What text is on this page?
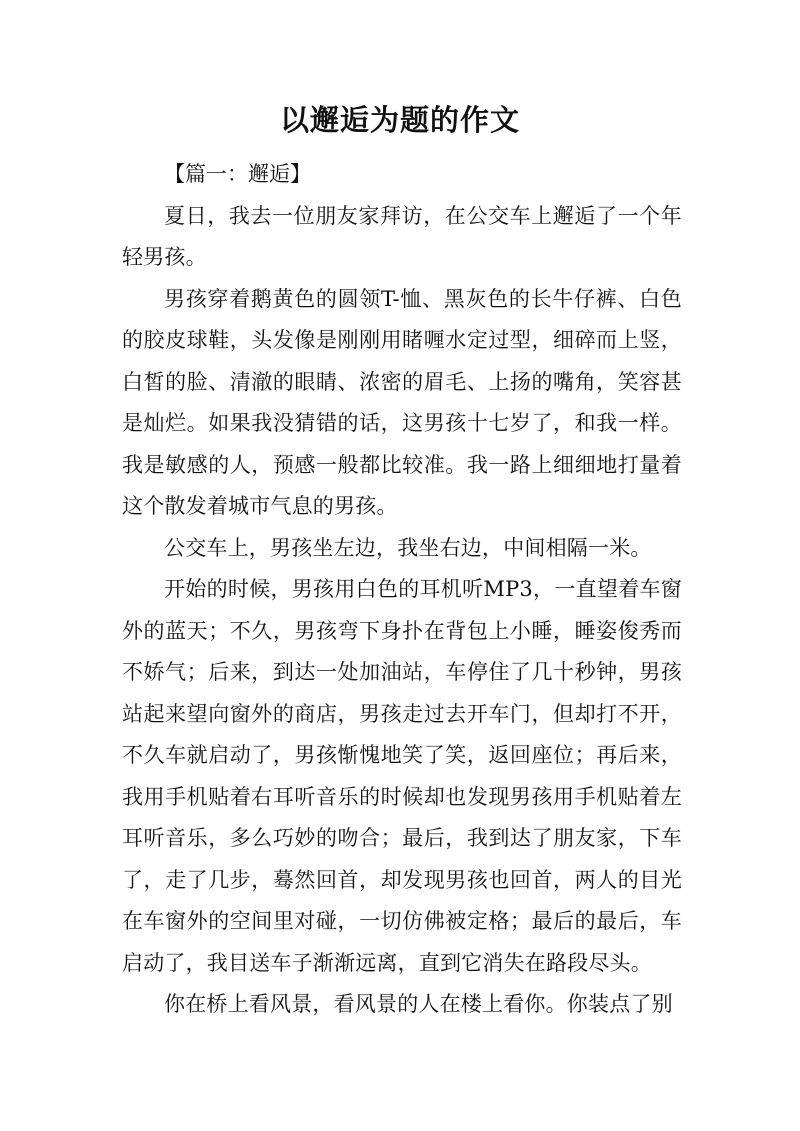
以邂逅为题的作文

【篇一：邂逅】

夏日，我去一位朋友家拜访，在公交车上邂逅了一个年轻男孩。

男孩穿着鹅黄色的圆领T-恤、黑灰色的长牛仔裤、白色的胶皮球鞋，头发像是刚刚用睹喱水定过型，细碎而上竖，白皙的脸、清澈的眼睛、浓密的眉毛、上扬的嘴角，笑容甚是灿烂。如果我没猜错的话，这男孩十七岁了，和我一样。我是敏感的人，预感一般都比较准。我一路上细细地打量着这个散发着城市气息的男孩。

公交车上，男孩坐左边，我坐右边，中间相隔一米。

开始的时候，男孩用白色的耳机听MP3，一直望着车窗外的蓝天；不久，男孩弯下身扑在背包上小睡，睡姿俊秀而不娇气；后来，到达一处加油站，车停住了几十秒钟，男孩站起来望向窗外的商店，男孩走过去开车门，但却打不开，不久车就启动了，男孩惭愧地笑了笑，返回座位；再后来，我用手机贴着右耳听音乐的时候却也发现男孩用手机贴着左耳听音乐，多么巧妙的吻合；最后，我到达了朋友家，下车了，走了几步，蓦然回首，却发现男孩也回首，两人的目光在车窗外的空间里对碰，一切仿佛被定格；最后的最后，车启动了，我目送车子渐渐远离，直到它消失在路段尽头。

你在桥上看风景，看风景的人在楼上看你。你装点了别
